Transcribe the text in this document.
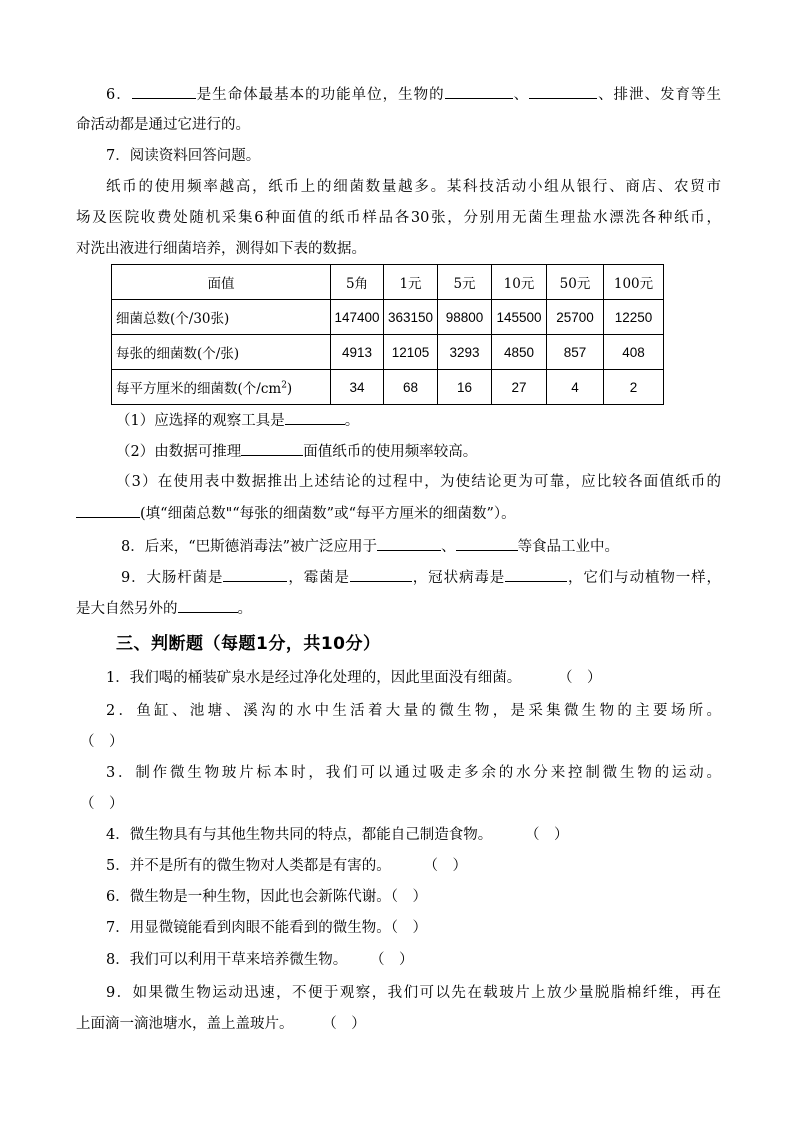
6．	是生命体最基本的功能单位，生物的	、	、排泄、发育等生
命活动都是通过它进行的。
7．阅读资料回答问题。
纸币的使用频率越高，纸币上的细菌数量越多。某科技活动小组从银行、商店、农贸市
场及医院收费处随机采集6种面值的纸币样品各30张，分别用无菌生理盐水漂洗各种纸币，
对洗出液进行细菌培养，测得如下表的数据。
面值	5角	1元	5元	10元	50元	100元
细菌总数(个/30张)	147400	363150	98800	145500	25700	12250
每张的细菌数(个/张)	4913	12105	3293	4850	857	408
每平方厘米的细菌数(个$/cm^2$)	34	68	16	27	4	2
（1）应选择的观察工具是	。
（2）由数据可推理	面值纸币的使用频率较高。
（3）在使用表中数据推出上述结论的过程中，为使结论更为可靠，应比较各面值纸币的
(填“细菌总数"“每张的细菌数”或“每平方厘米的细菌数”）。
8．后来，“巴斯德消毒法”被广泛应用于	、	等食品工业中。
9．大肠杆菌是	，霉菌是	，冠状病毒是	，它们与动植物一样，
是大自然另外的	。
三、判断题（每题1分，共10分）
1．我们喝的桶装矿泉水是经过净化处理的，因此里面没有细菌。	（　）
2．鱼缸、池塘、溪沟的水中生活着大量的微生物，是采集微生物的主要场所。
（　）
3．制作微生物玻片标本时，我们可以通过吸走多余的水分来控制微生物的运动。
（　）
4．微生物具有与其他生物共同的特点，都能自己制造食物。	（　）
5．并不是所有的微生物对人类都是有害的。	（　）
6．微生物是一种生物，因此也会新陈代谢。（　）
7．用显微镜能看到肉眼不能看到的微生物。（　）
8．我们可以利用干草来培养微生物。 （　）
9．如果微生物运动迅速，不便于观察，我们可以先在载玻片上放少量脱脂棉纤维，再在
上面滴一滴池塘水，盖上盖玻片。 （　）
